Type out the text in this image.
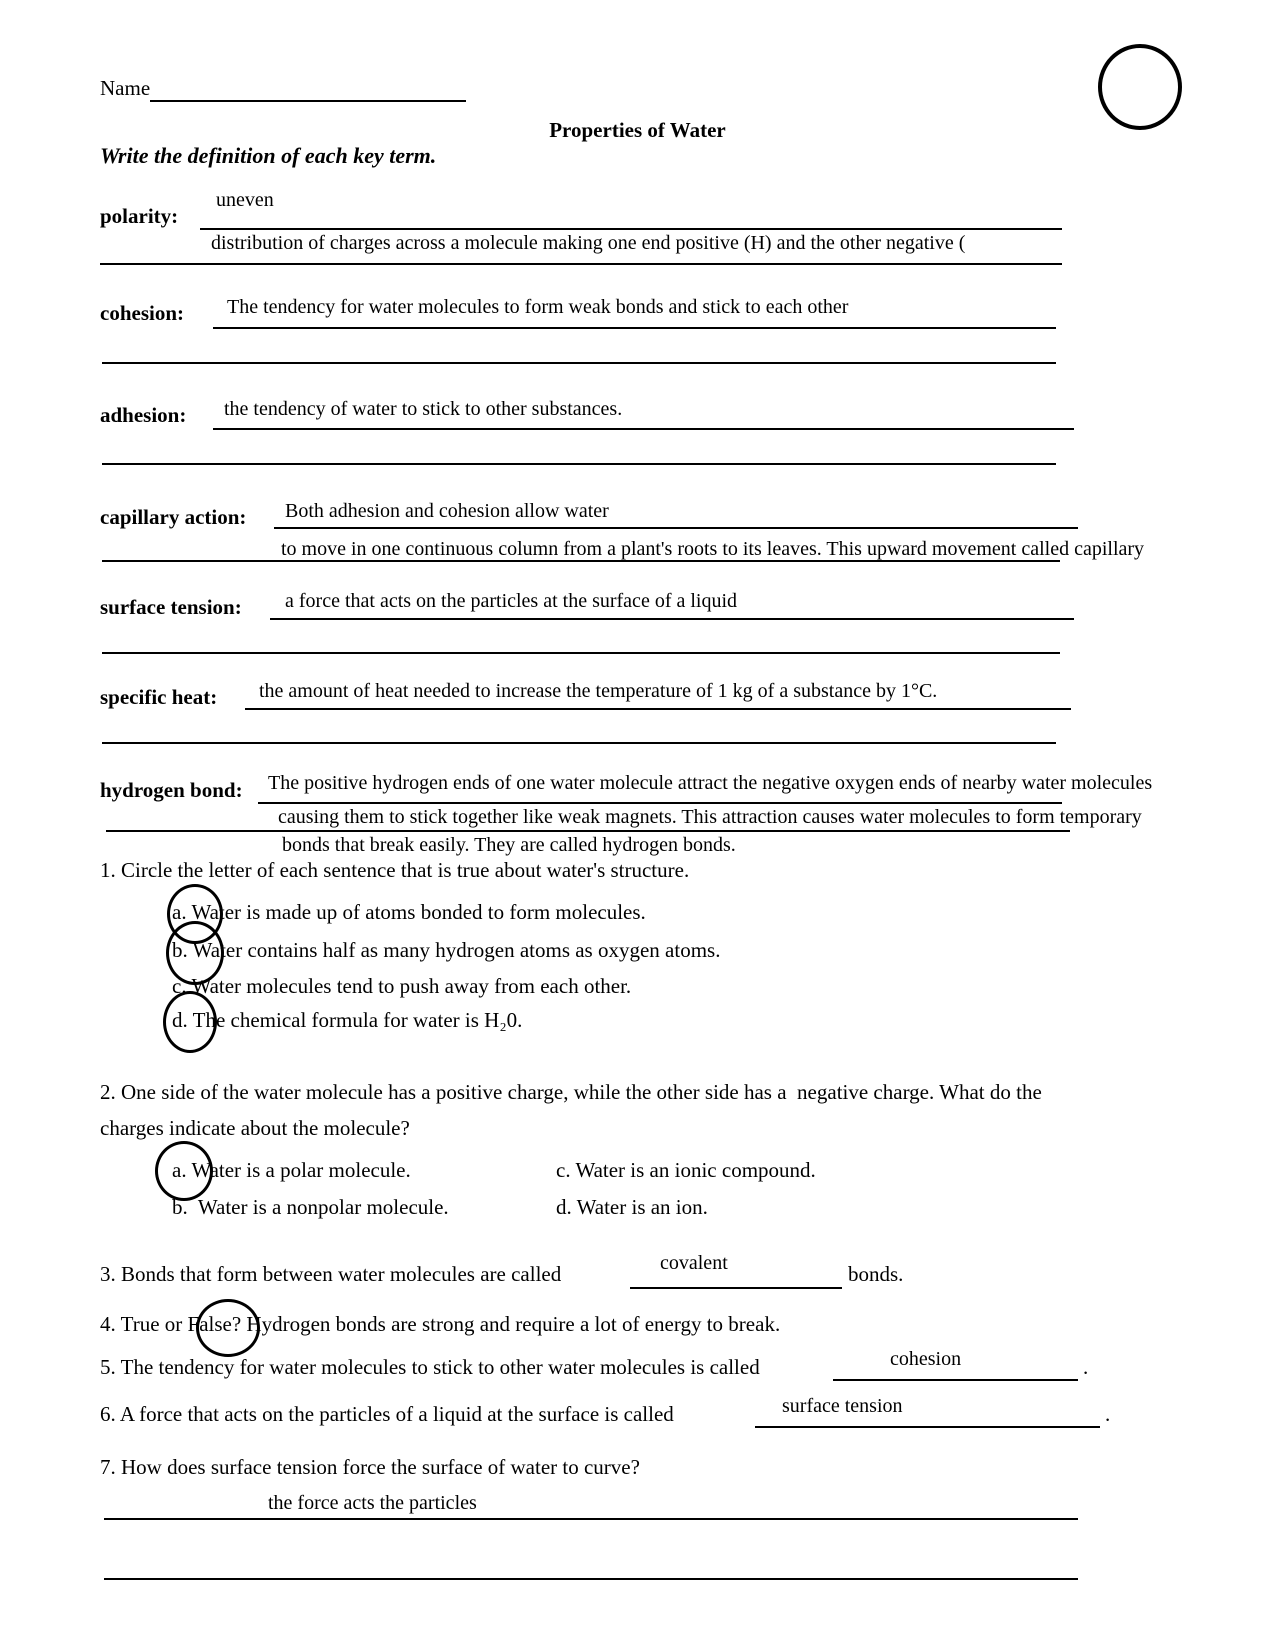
Name
Properties of Water
Write the definition of each key term.
polarity:
uneven
distribution of charges across a molecule making one end positive (H) and the other negative (
cohesion: The tendency for water molecules to form weak bonds and stick to each other
adhesion: the tendency of water to stick to other substances.
capillary action: Both adhesion and cohesion allow water
to move in one continuous column from a plant's roots to its leaves. This upward movement called capillary
surface tension: a force that acts on the particles at the surface of a liquid
specific heat: the amount of heat needed to increase the temperature of 1 kg of a substance by 1°C.
hydrogen bond: The positive hydrogen ends of one water molecule attract the negative oxygen ends of nearby water molecules
causing them to stick together like weak magnets. This attraction causes water molecules to form temporary
bonds that break easily. They are called hydrogen bonds.
1. Circle the letter of each sentence that is true about water's structure.
a. Water is made up of atoms bonded to form molecules.
b. Water contains half as many hydrogen atoms as oxygen atoms.
c. Water molecules tend to push away from each other.
d. The chemical formula for water is H₂0.
2. One side of the water molecule has a positive charge, while the other side has a  negative charge. What do the
charges indicate about the molecule?
a. Water is a polar molecule.	c. Water is an ionic compound.
b.  Water is a nonpolar molecule.	d. Water is an ion.
3. Bonds that form between water molecules are called	covalent	bonds.
4. True or False? Hydrogen bonds are strong and require a lot of energy to break.
5. The tendency for water molecules to stick to other water molecules is called	cohesion	.
6. A force that acts on the particles of a liquid at the surface is called	surface tension	.
7. How does surface tension force the surface of water to curve?
the force acts the particles
